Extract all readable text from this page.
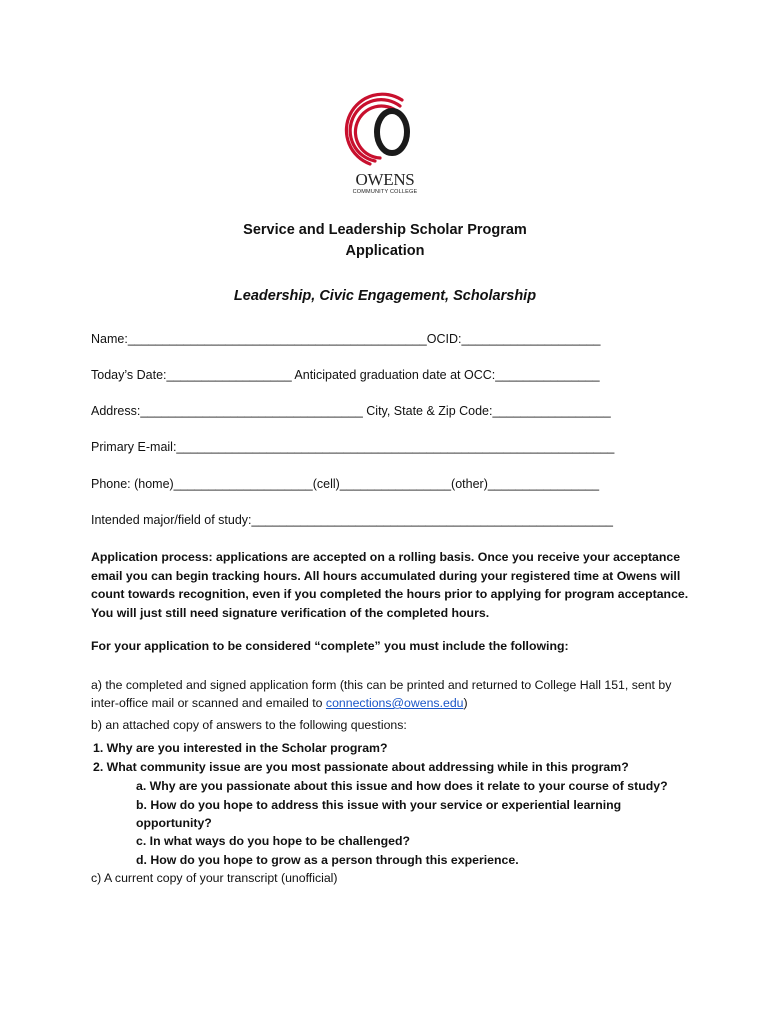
OWENS
COMMUNITY COLLEGE
Service and Leadership Scholar Program
Application
Leadership, Civic Engagement, Scholarship
Name:___________________________________________OCID:____________________
Today’s Date:__________________ Anticipated graduation date at OCC:_______________
Address:________________________________ City, State & Zip Code:_________________
Primary E-mail:_______________________________________________________________
Phone: (home)____________________(cell)________________(other)________________
Intended major/field of study:____________________________________________________
Application process: applications are accepted on a rolling basis. Once you receive your acceptance email you can begin tracking hours. All hours accumulated during your registered time at Owens will count towards recognition, even if you completed the hours prior to applying for program acceptance. You will just still need signature verification of the completed hours.
For your application to be considered “complete” you must include the following:
a) the completed and signed application form (this can be printed and returned to College Hall 151, sent by inter-office mail or scanned and emailed to connections@owens.edu)
b) an attached copy of answers to the following questions:
1. Why are you interested in the Scholar program?
2. What community issue are you most passionate about addressing while in this program?
a. Why are you passionate about this issue and how does it relate to your course of study?
b. How do you hope to address this issue with your service or experiential learning opportunity?
c. In what ways do you hope to be challenged?
d. How do you hope to grow as a person through this experience.
c) A current copy of your transcript (unofficial)
